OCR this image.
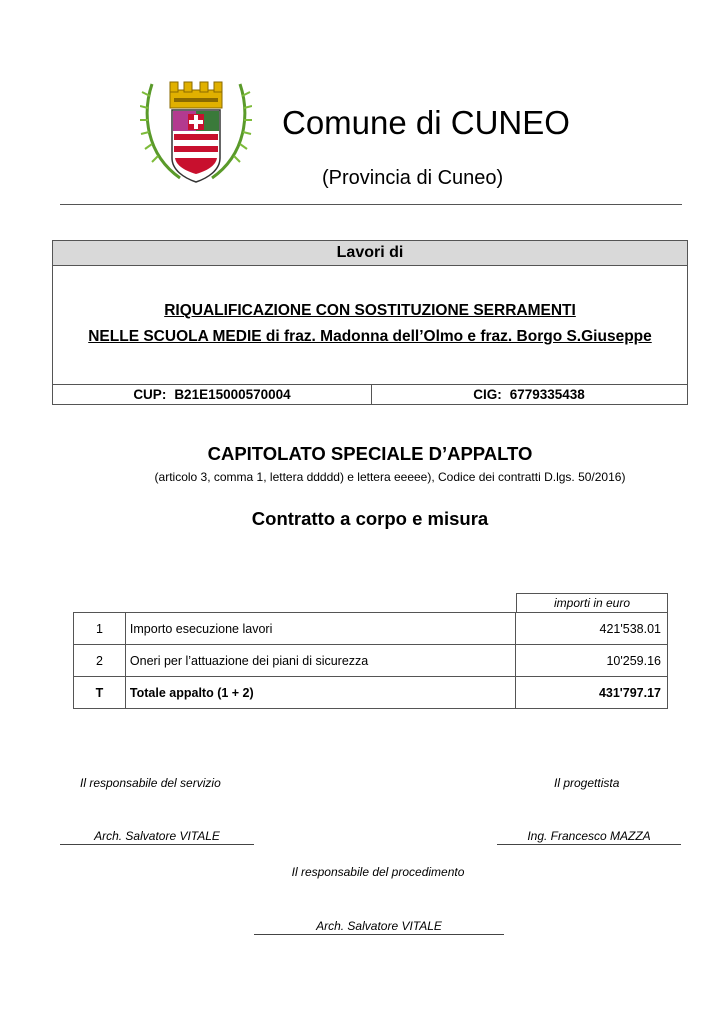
Comune di CUNEO
(Provincia di Cuneo)
Lavori di
RIQUALIFICAZIONE CON SOSTITUZIONE SERRAMENTI
NELLE SCUOLA MEDIE di fraz. Madonna dell’Olmo e fraz. Borgo S.Giuseppe
CUP: B21E15000570004	CIG: 6779335438
CAPITOLATO SPECIALE D’APPALTO
(articolo 3, comma 1, lettera ddddd) e lettera eeeee), Codice dei contratti D.lgs. 50/2016)
Contratto a corpo e misura
importi in euro
1	Importo esecuzione lavori	421'538.01
2	Oneri per l’attuazione dei piani di sicurezza	10'259.16
T	Totale appalto (1 + 2)	431'797.17
Il responsabile del servizio	Il progettista
Arch. Salvatore VITALE	Ing. Francesco MAZZA
Il responsabile del procedimento
Arch. Salvatore VITALE
